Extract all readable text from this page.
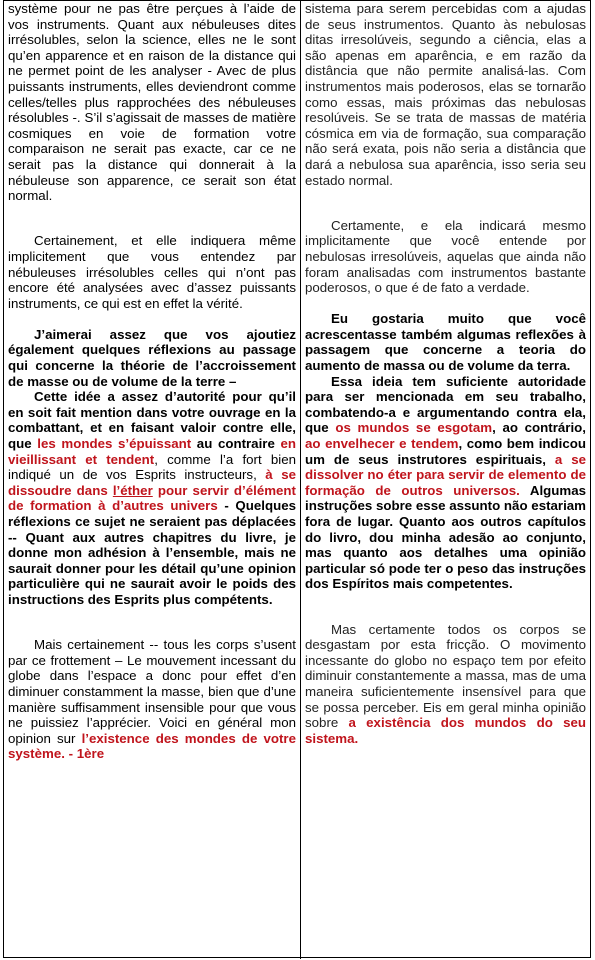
système pour ne pas être perçues à l’aide de vos instruments. Quant aux nébuleuses dites irrésolubles, selon la science, elles ne le sont qu’en apparence et en raison de la distance qui ne permet point de les analyser - Avec de plus puissants instruments, elles deviendront comme celles/telles plus rapprochées des nébuleuses résolubles -. S’il s’agissait de masses de matière cosmiques en voie de formation votre comparaison ne serait pas exacte, car ce ne serait pas la distance qui donnerait à la nébuleuse son apparence, ce serait son état normal.

Certainement, et elle indiquera même implicitement que vous entendez par nébuleuses irrésolubles celles qui n’ont pas encore été analysées avec d’assez puissants instruments, ce qui est en effet la vérité.

J’aimerai assez que vos ajoutiez également quelques réflexions au passage qui concerne la théorie de l’accroissement de masse ou de volume de la terre –

Cette idée a assez d’autorité pour qu’il en soit fait mention dans votre ouvrage en la combattant, et en faisant valoir contre elle, que les mondes s’épuissant au contraire en vieillissant et tendent, comme l’a fort bien indiqué un de vos Esprits instructeurs, à se dissoudre dans l’éther pour servir d’élément de formation à d’autres univers - Quelques réflexions ce sujet ne seraient pas déplacées -- Quant aux autres chapitres du livre, je donne mon adhésion à l’ensemble, mais ne saurait donner pour les détail qu’une opinion particulière qui ne saurait avoir le poids des instructions des Esprits plus compétents.

Mais certainement -- tous les corps s’usent par ce frottement – Le mouvement incessant du globe dans l’espace a donc pour effet d’en diminuer constamment la masse, bien que d’une manière suffisamment insensible pour que vous ne puissiez l’apprécier. Voici en général mon opinion sur l’existence des mondes de votre système. - 1ère

sistema para serem percebidas com a ajudas de seus instrumentos. Quanto às nebulosas ditas irresolúveis, segundo a ciência, elas a são apenas em aparência, e em razão da distância que não permite analisá-las. Com instrumentos mais poderosos, elas se tornarão como essas, mais próximas das nebulosas resolúveis. Se se trata de massas de matéria cósmica em via de formação, sua comparação não será exata, pois não seria a distância que dará a nebulosa sua aparência, isso seria seu estado normal.

Certamente, e ela indicará mesmo implicitamente que você entende por nebulosas irresolúveis, aquelas que ainda não foram analisadas com instrumentos bastante poderosos, o que é de fato a verdade.

Eu gostaria muito que você acrescentasse também algumas reflexões à passagem que concerne a teoria do aumento de massa ou de volume da terra.

Essa ideia tem suficiente autoridade para ser mencionada em seu trabalho, combatendo-a e argumentando contra ela, que os mundos se esgotam, ao contrário, ao envelhecer e tendem, como bem indicou um de seus instrutores espirituais, a se dissolver no éter para servir de elemento de formação de outros universos. Algumas instruções sobre esse assunto não estariam fora de lugar. Quanto aos outros capítulos do livro, dou minha adesão ao conjunto, mas quanto aos detalhes uma opinião particular só pode ter o peso das instruções dos Espíritos mais competentes.

Mas certamente todos os corpos se desgastam por esta fricção. O movimento incessante do globo no espaço tem por efeito diminuir constantemente a massa, mas de uma maneira suficientemente insensível para que se possa perceber. Eis em geral minha opinião sobre a existência dos mundos do seu sistema.
